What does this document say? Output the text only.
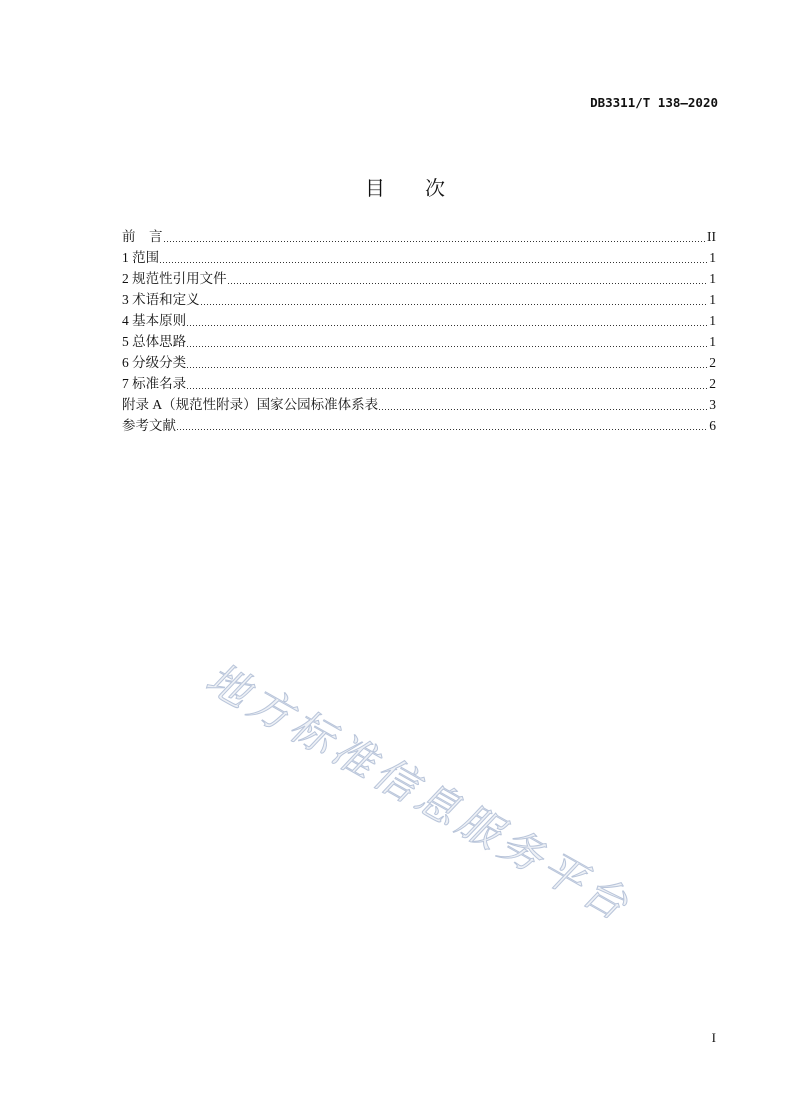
DB3311/T 138—2020
目　　次
前　言	II
1 范围	1
2 规范性引用文件	1
3 术语和定义	1
4 基本原则	1
5 总体思路	1
6 分级分类	2
7 标准名录	2
附录 A（规范性附录）国家公园标准体系表	3
参考文献	6
地方标准信息服务平台
I
